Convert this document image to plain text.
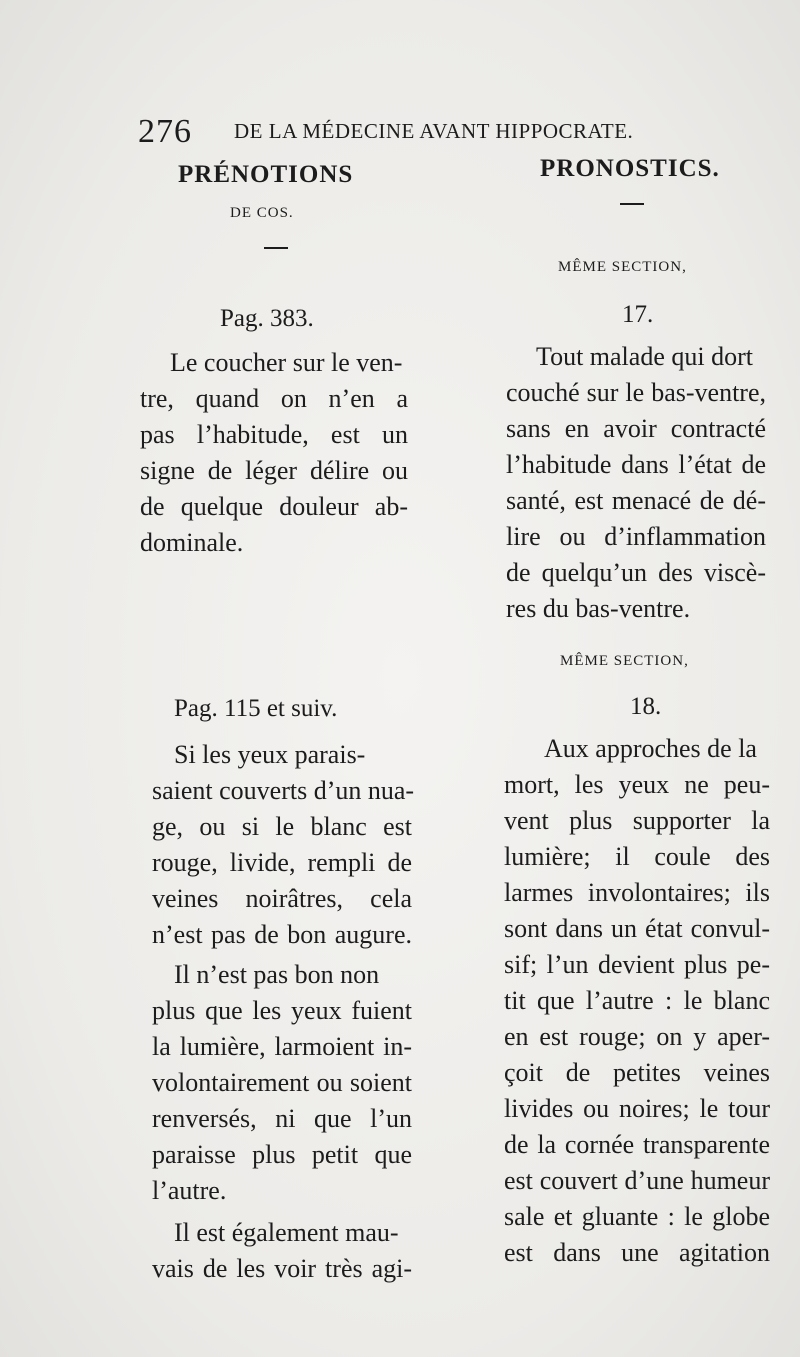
276 DE LA MÉDECINE AVANT HIPPOCRATE.
PRÉNOTIONS
DE COS.
Pag. 383.
Le coucher sur le ven-
tre, quand on n’en a
pas l’habitude, est un
signe de léger délire ou
de quelque douleur ab-
dominale.
Pag. 115 et suiv.
Si les yeux parais-
saient couverts d’un nua-
ge, ou si le blanc est
rouge, livide, rempli de
veines noirâtres, cela
n’est pas de bon augure.
Il n’est pas bon non
plus que les yeux fuient
la lumière, larmoient in-
volontairement ou soient
renversés, ni que l’un
paraisse plus petit que
l’autre.
Il est également mau-
vais de les voir très agi-
PRONOSTICS.
MÊME SECTION,
17.
Tout malade qui dort
couché sur le bas-ventre,
sans en avoir contracté
l’habitude dans l’état de
santé, est menacé de dé-
lire ou d’inflammation
de quelqu’un des viscè-
res du bas-ventre.
MÊME SECTION,
18.
Aux approches de la
mort, les yeux ne peu-
vent plus supporter la
lumière; il coule des
larmes involontaires; ils
sont dans un état convul-
sif; l’un devient plus pe-
tit que l’autre : le blanc
en est rouge; on y aper-
çoit de petites veines
livides ou noires; le tour
de la cornée transparente
est couvert d’une humeur
sale et gluante : le globe
est dans une agitation
